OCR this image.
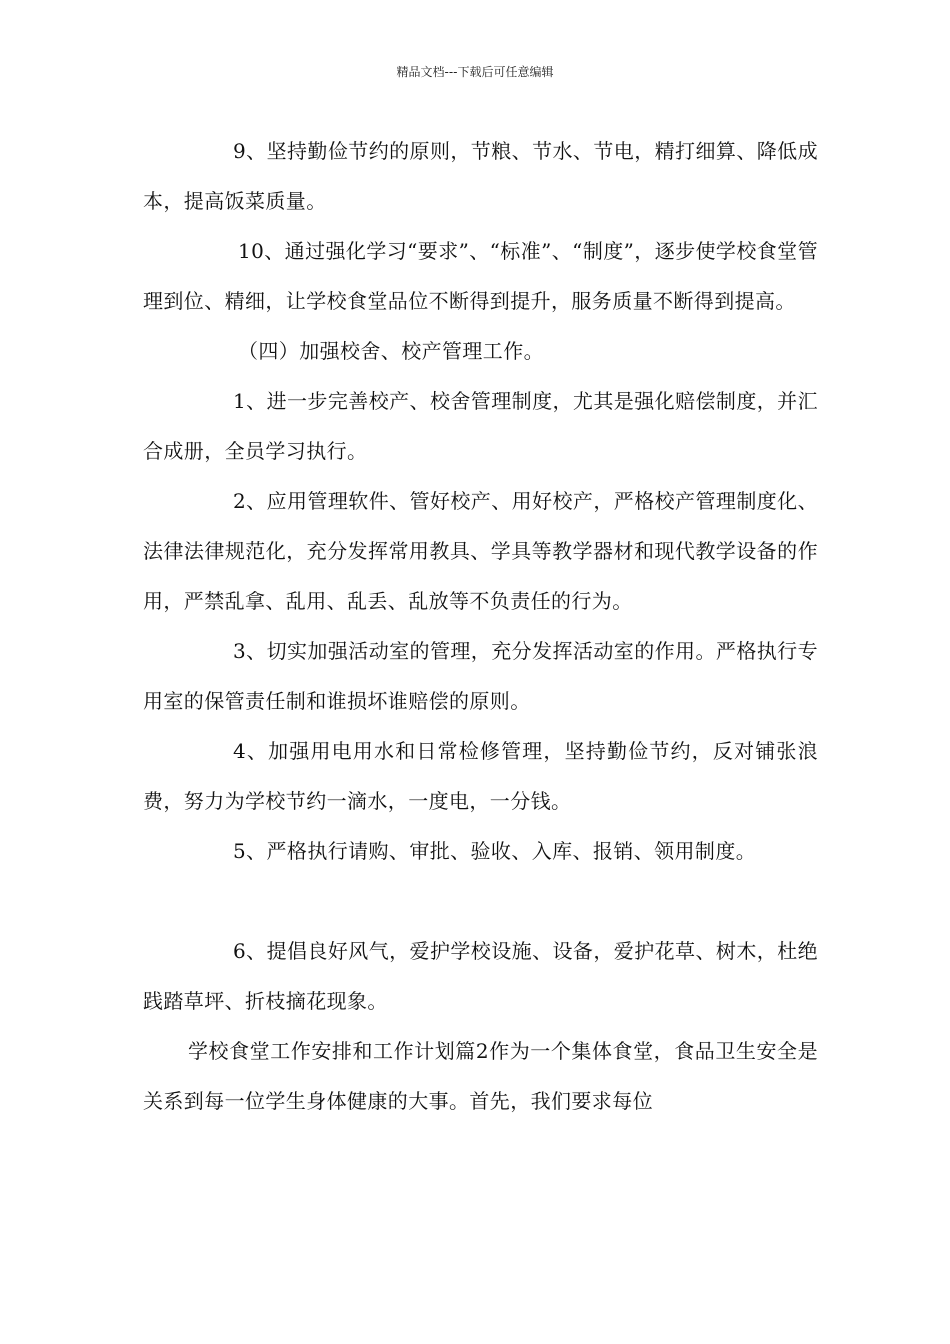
精品文档---下载后可任意编辑

9、坚持勤俭节约的原则，节粮、节水、节电，精打细算、降低成本，提高饭菜质量。

10、通过强化学习“要求”、“标准”、“制度”，逐步使学校食堂管理到位、精细，让学校食堂品位不断得到提升，服务质量不断得到提高。

（四）加强校舍、校产管理工作。

1、进一步完善校产、校舍管理制度，尤其是强化赔偿制度，并汇合成册，全员学习执行。

2、应用管理软件、管好校产、用好校产，严格校产管理制度化、法律法律规范化，充分发挥常用教具、学具等教学器材和现代教学设备的作用，严禁乱拿、乱用、乱丢、乱放等不负责任的行为。

3、切实加强活动室的管理，充分发挥活动室的作用。严格执行专用室的保管责任制和谁损坏谁赔偿的原则。

4、加强用电用水和日常检修管理，坚持勤俭节约，反对铺张浪费，努力为学校节约一滴水，一度电，一分钱。

5、严格执行请购、审批、验收、入库、报销、领用制度。

6、提倡良好风气，爱护学校设施、设备，爱护花草、树木，杜绝践踏草坪、折枝摘花现象。

学校食堂工作安排和工作计划篇2作为一个集体食堂，食品卫生安全是关系到每一位学生身体健康的大事。首先，我们要求每位
